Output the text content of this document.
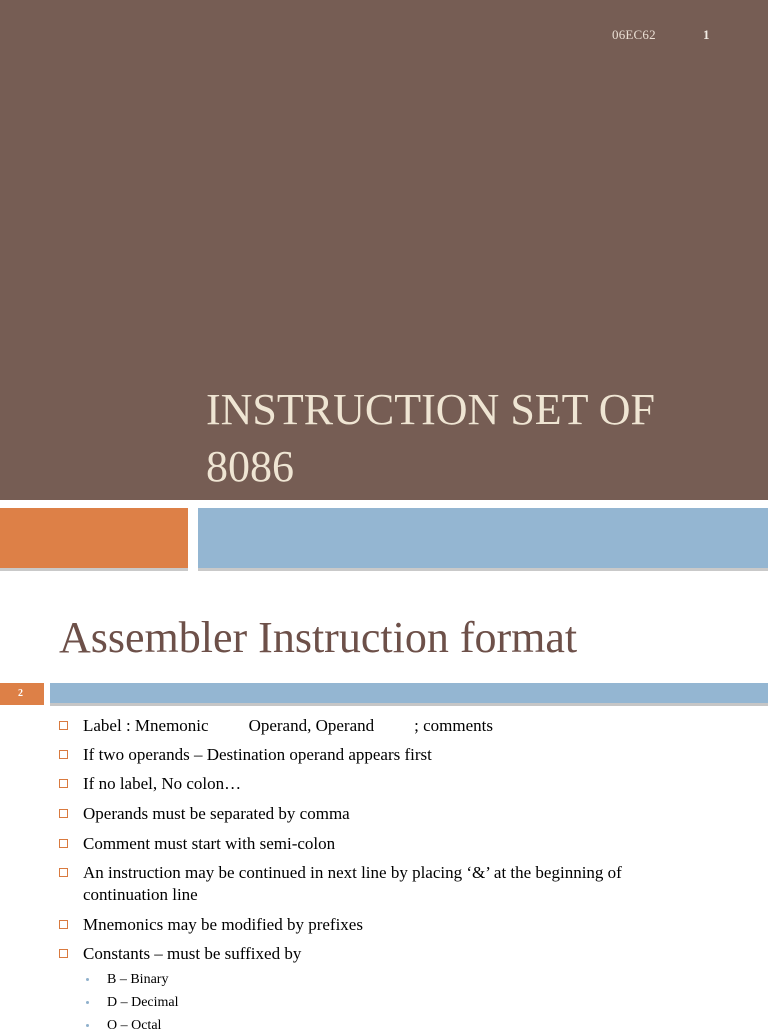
06EC62	1
INSTRUCTION SET OF
8086
Assembler Instruction format
2
Label : Mnemonic Operand, Operand ; comments
If two operands – Destination operand appears first
If no label, No colon…
Operands must be separated by comma
Comment must start with semi-colon
An instruction may be continued in next line by placing ‘&’ at the beginning of
continuation line
Mnemonics may be modified by prefixes
Constants – must be suffixed by
B – Binary
D – Decimal
O – Octal
